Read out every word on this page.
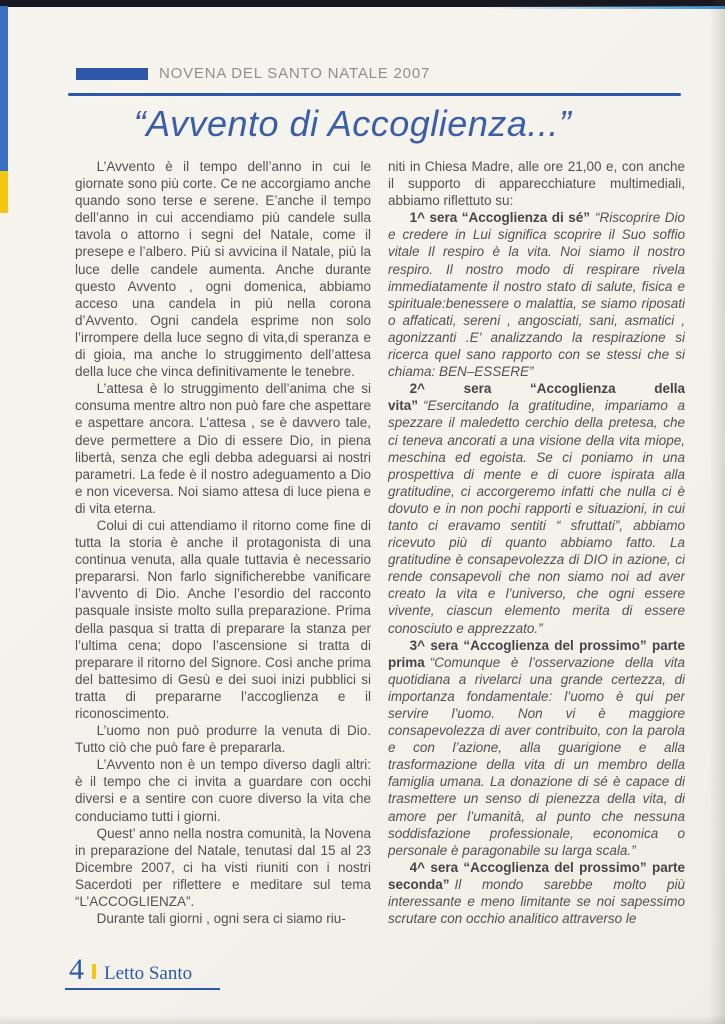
NOVENA DEL SANTO NATALE 2007
“Avvento di Accoglienza...”

L’Avvento è il tempo dell’anno in cui le giornate sono più corte. Ce ne accorgiamo anche quando sono terse e serene. E’anche il tempo dell’anno in cui accendiamo più candele sulla tavola o attorno i segni del Natale, come il presepe e l’albero. Più si avvicina il Natale, più la luce delle candele aumenta. Anche durante questo Avvento , ogni domenica, abbiamo acceso una candela in più nella corona d’Avvento. Ogni candela esprime non solo l’irrompere della luce segno di vita,di speranza e di gioia, ma anche lo struggimento dell’attesa della luce che vinca definitivamente le tenebre.

L’attesa è lo struggimento dell’anima che si consuma mentre altro non può fare che aspettare e aspettare ancora. L’attesa , se è davvero tale, deve permettere a Dio di essere Dio, in piena libertà, senza che egli debba adeguarsi ai nostri parametri. La fede è il nostro adeguamento a Dio e non viceversa. Noi siamo attesa di luce piena e di vita eterna.

Colui di cui attendiamo il ritorno come fine di tutta la storia è anche il protagonista di una continua venuta, alla quale tuttavia è necessario prepararsi. Non farlo significherebbe vanificare l’avvento di Dio. Anche l’esordio del racconto pasquale insiste molto sulla preparazione. Prima della pasqua si tratta di preparare la stanza per l’ultima cena; dopo l’ascensione si tratta di preparare il ritorno del Signore. Così anche prima del battesimo di Gesù e dei suoi inizi pubblici si tratta di prepararne l’accoglienza e il riconoscimento.

L’uomo non può produrre la venuta di Dio. Tutto ciò che può fare è prepararla.

L’Avvento non è un tempo diverso dagli altri: è il tempo che ci invita a guardare con occhi diversi e a sentire con cuore diverso la vita che conduciamo tutti i giorni.

Quest’ anno nella nostra comunità, la Novena in preparazione del Natale, tenutasi dal 15 al 23 Dicembre 2007, ci ha visti riuniti con i nostri Sacerdoti per riflettere e meditare sul tema “L’ACCOGLIENZA”.

Durante tali giorni , ogni sera ci siamo riu-

niti in Chiesa Madre, alle ore 21,00 e, con anche il supporto di apparecchiature multimediali, abbiamo riflettuto su:

1^ sera “Accoglienza di sé” “Riscoprire Dio e credere in Lui significa scoprire il Suo soffio vitale Il respiro è la vita. Noi siamo il nostro respiro. Il nostro modo di respirare rivela immediatamente il nostro stato di salute, fisica e spirituale:benessere o malattia, se siamo riposati o affaticati, sereni , angosciati, sani, asmatici , agonizzanti .E’ analizzando la respirazione si ricerca quel sano rapporto con se stessi che si chiama: BEN–ESSERE”

2^ sera “Accoglienza della vita” “Esercitando la gratitudine, impariamo a spezzare il maledetto cerchio della pretesa, che ci teneva ancorati a una visione della vita miope, meschina ed egoista. Se ci poniamo in una prospettiva di mente e di cuore ispirata alla gratitudine, ci accorgeremo infatti che nulla ci è dovuto e in non pochi rapporti e situazioni, in cui tanto ci eravamo sentiti “ sfruttati”, abbiamo ricevuto più di quanto abbiamo fatto. La gratitudine è consapevolezza di DIO in azione, ci rende consapevoli che non siamo noi ad aver creato la vita e l’universo, che ogni essere vivente, ciascun elemento merita di essere conosciuto e apprezzato.”

3^ sera “Accoglienza del prossimo” parte prima “Comunque è l’osservazione della vita quotidiana a rivelarci una grande certezza, di importanza fondamentale: l’uomo è qui per servire l’uomo. Non vi è maggiore consapevolezza di aver contribuito, con la parola e con l’azione, alla guarigione e alla trasformazione della vita di un membro della famiglia umana. La donazione di sé è capace di trasmettere un senso di pienezza della vita, di amore per l’umanità, al punto che nessuna soddisfazione professionale, economica o personale è paragonabile su larga scala.”

4^ sera “Accoglienza del prossimo” parte seconda” Il mondo sarebbe molto più interessante e meno limitante se noi sapessimo scrutare con occhio analitico attraverso le

4 Letto Santo
